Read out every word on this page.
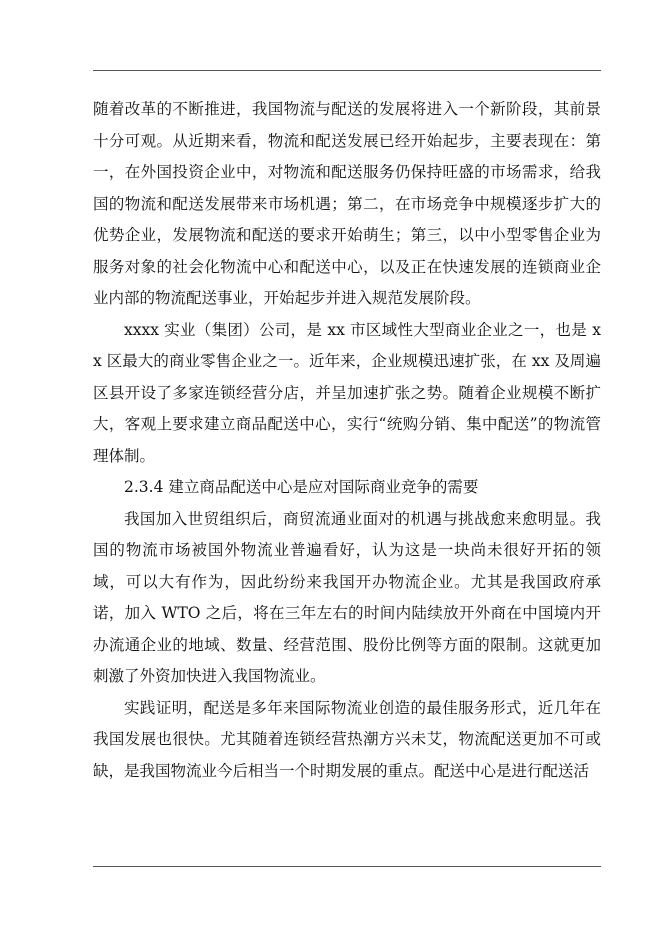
随着改革的不断推进，我国物流与配送的发展将进入一个新阶段，其前景十分可观。从近期来看，物流和配送发展已经开始起步，主要表现在：第一，在外国投资企业中，对物流和配送服务仍保持旺盛的市场需求，给我国的物流和配送发展带来市场机遇；第二，在市场竞争中规模逐步扩大的优势企业，发展物流和配送的要求开始萌生；第三，以中小型零售企业为服务对象的社会化物流中心和配送中心，以及正在快速发展的连锁商业企业内部的物流配送事业，开始起步并进入规范发展阶段。

xxxx 实业（集团）公司，是 xx 市区域性大型商业企业之一，也是 xx 区最大的商业零售企业之一。近年来，企业规模迅速扩张，在 xx 及周遍区县开设了多家连锁经营分店，并呈加速扩张之势。随着企业规模不断扩大，客观上要求建立商品配送中心，实行“统购分销、集中配送”的物流管理体制。

2.3.4 建立商品配送中心是应对国际商业竞争的需要

我国加入世贸组织后，商贸流通业面对的机遇与挑战愈来愈明显。我国的物流市场被国外物流业普遍看好，认为这是一块尚未很好开拓的领域，可以大有作为，因此纷纷来我国开办物流企业。尤其是我国政府承诺，加入 WTO 之后，将在三年左右的时间内陆续放开外商在中国境内开办流通企业的地域、数量、经营范围、股份比例等方面的限制。这就更加刺激了外资加快进入我国物流业。

实践证明，配送是多年来国际物流业创造的最佳服务形式，近几年在我国发展也很快。尤其随着连锁经营热潮方兴未艾，物流配送更加不可或缺，是我国物流业今后相当一个时期发展的重点。配送中心是进行配送活
